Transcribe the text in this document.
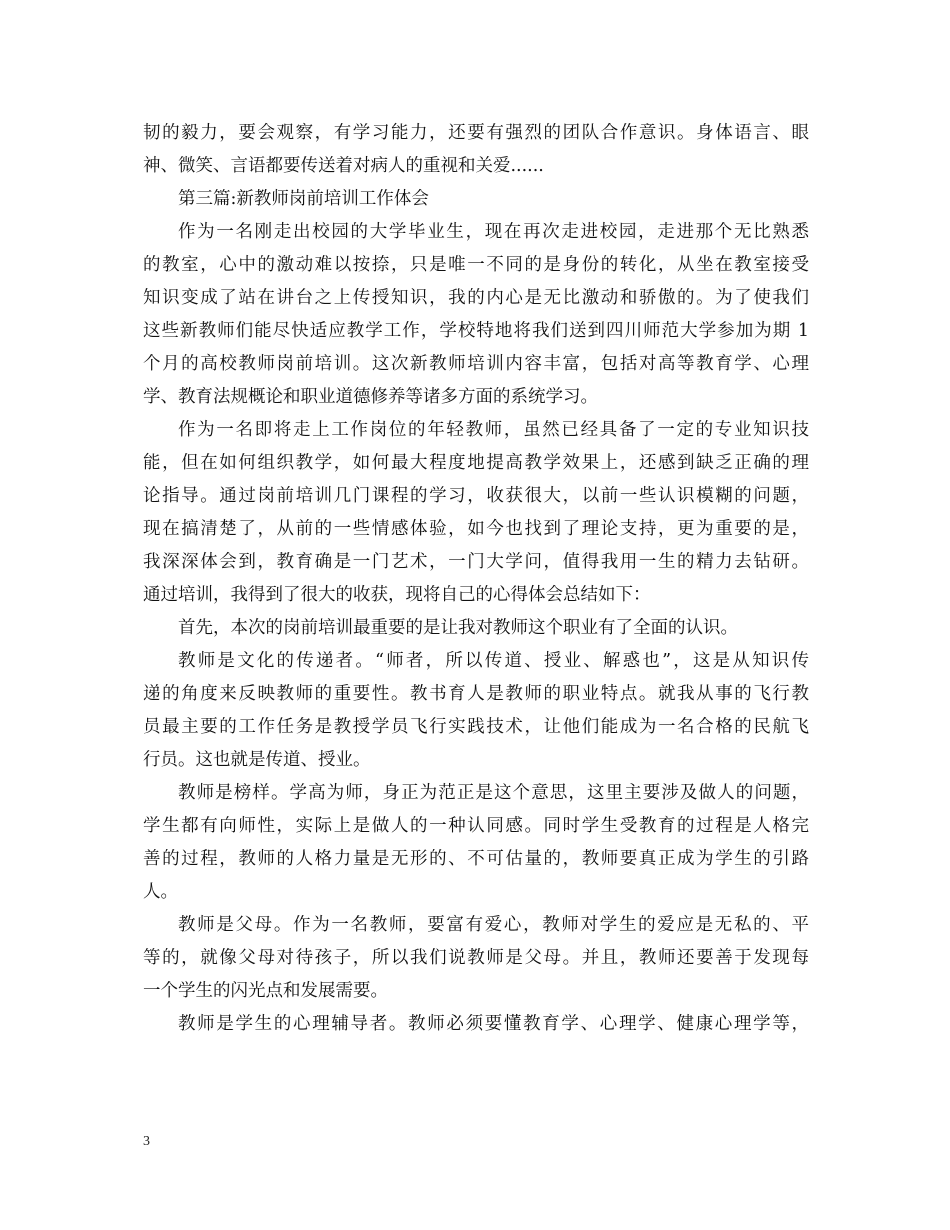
韧的毅力，要会观察，有学习能力，还要有强烈的团队合作意识。身体语言、眼
神、微笑、言语都要传送着对病人的重视和关爱......
第三篇:新教师岗前培训工作体会
作为一名刚走出校园的大学毕业生，现在再次走进校园，走进那个无比熟悉
的教室，心中的激动难以按捺，只是唯一不同的是身份的转化，从坐在教室接受
知识变成了站在讲台之上传授知识，我的内心是无比激动和骄傲的。为了使我们
这些新教师们能尽快适应教学工作，学校特地将我们送到四川师范大学参加为期 1
个月的高校教师岗前培训。这次新教师培训内容丰富，包括对高等教育学、心理
学、教育法规概论和职业道德修养等诸多方面的系统学习。
作为一名即将走上工作岗位的年轻教师，虽然已经具备了一定的专业知识技
能，但在如何组织教学，如何最大程度地提高教学效果上，还感到缺乏正确的理
论指导。通过岗前培训几门课程的学习，收获很大，以前一些认识模糊的问题，
现在搞清楚了，从前的一些情感体验，如今也找到了理论支持，更为重要的是，
我深深体会到，教育确是一门艺术，一门大学问，值得我用一生的精力去钻研。
通过培训，我得到了很大的收获，现将自己的心得体会总结如下：
首先，本次的岗前培训最重要的是让我对教师这个职业有了全面的认识。
教师是文化的传递者。“师者，所以传道、授业、解惑也”，这是从知识传
递的角度来反映教师的重要性。教书育人是教师的职业特点。就我从事的飞行教
员最主要的工作任务是教授学员飞行实践技术，让他们能成为一名合格的民航飞
行员。这也就是传道、授业。
教师是榜样。学高为师，身正为范正是这个意思，这里主要涉及做人的问题，
学生都有向师性，实际上是做人的一种认同感。同时学生受教育的过程是人格完
善的过程，教师的人格力量是无形的、不可估量的，教师要真正成为学生的引路
人。
教师是父母。作为一名教师，要富有爱心，教师对学生的爱应是无私的、平
等的，就像父母对待孩子，所以我们说教师是父母。并且，教师还要善于发现每
一个学生的闪光点和发展需要。
教师是学生的心理辅导者。教师必须要懂教育学、心理学、健康心理学等，
3
